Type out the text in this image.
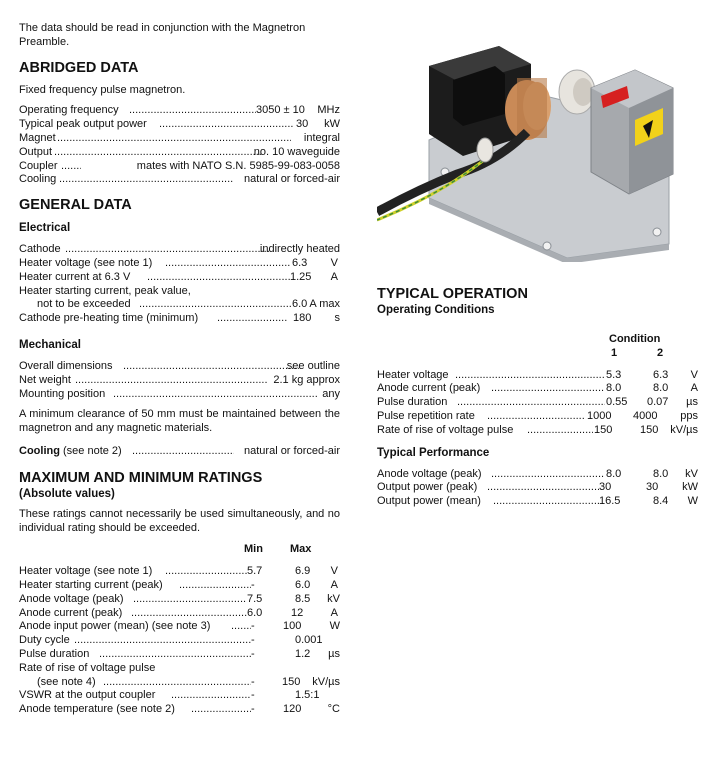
The data should be read in conjunction with the Magnetron Preamble.

ABRIDGED DATA

Fixed frequency pulse magnetron.

Operating frequency .....	3050 ± 10 MHz
Typical peak output power .....	30 kW
Magnet .....	integral
Output .....	no. 10 waveguide
Coupler .....	mates with NATO S.N. 5985-99-083-0058
Cooling .....	natural or forced-air
GENERAL DATA
Electrical
Cathode .....	indirectly heated
Heater voltage (see note 1) .....	6.3 V
Heater current at 6.3 V .....	1.25 A
Heater starting current, peak value,
not to be exceeded .....	6.0 A max
Cathode pre-heating time (minimum) .....	180 s
Mechanical
Overall dimensions .....	see outline
Net weight .....	2.1 kg approx
Mounting position .....	any

A minimum clearance of 50 mm must be maintained between the magnetron and any magnetic materials.

Cooling (see note 2) .....	natural or forced-air
MAXIMUM AND MINIMUM RATINGS
(Absolute values)

These ratings cannot necessarily be used simultaneously, and no individual rating should be exceeded.

Min Max
Heater voltage (see note 1) .....	5.7	6.9 V
Heater starting current (peak) .....	-	6.0 A
Anode voltage (peak) .....	7.5	8.5 kV
Anode current (peak) .....	6.0	12 A
Anode input power (mean) (see note 3) .....	-	100	W
Duty cycle .....	-	0.001
Pulse duration .....	-	1.2 µs
Rate of rise of voltage pulse
(see note 4) .....	- 150 kV/µs
VSWR at the output coupler .....	-	1.5:1
Anode temperature (see note 2) .....	-	120 °C
TYPICAL OPERATION
Operating Conditions
Condition
1	2
Heater voltage .....	5.3	6.3 V
Anode current (peak) .....	8.0	8.0 A
Pulse duration .....	0.55 0.07 µs
Pulse repetition rate .....	1000 4000 pps
Rate of rise of voltage pulse .....	150	150 kV/µs
Typical Performance
Anode voltage (peak) .....	8.0	8.0 kV
Output power (peak) .....	30	30 kW
Output power (mean) .....	16.5	8.4 W
